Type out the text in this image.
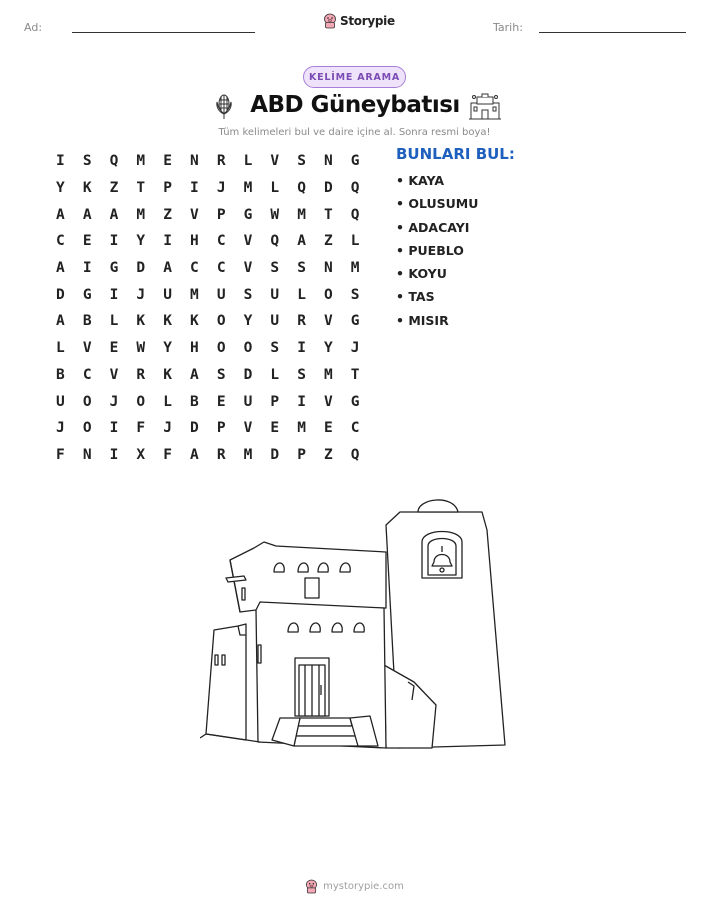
Ad:	Storypie	Tarih:
KELİME ARAMA
ABD Güneybatısı
Tüm kelimeleri bul ve daire içine al. Sonra resmi boya!
I	S	Q	M	E	N	R	L	V	S	N	G
Y	K	Z	T	P	I	J	M	L	Q	D	Q
A	A	A	M	Z	V	P	G	W	M	T	Q
C	E	I	Y	I	H	C	V	Q	A	Z	L
A	I	G	D	A	C	C	V	S	S	N	M
D	G	I	J	U	M	U	S	U	L	O	S
A	B	L	K	K	K	O	Y	U	R	V	G
L	V	E	W	Y	H	O	O	S	I	Y	J
B	C	V	R	K	A	S	D	L	S	M	T
U	O	J	O	L	B	E	U	P	I	V	G
J	O	I	F	J	D	P	V	E	M	E	C
F	N	I	X	F	A	R	M	D	P	Z	Q
BUNLARI BUL:
• KAYA
• OLUSUMU
• ADACAYI
• PUEBLO
• KOYU
• TAS
• MISIR
mystorypie.com
